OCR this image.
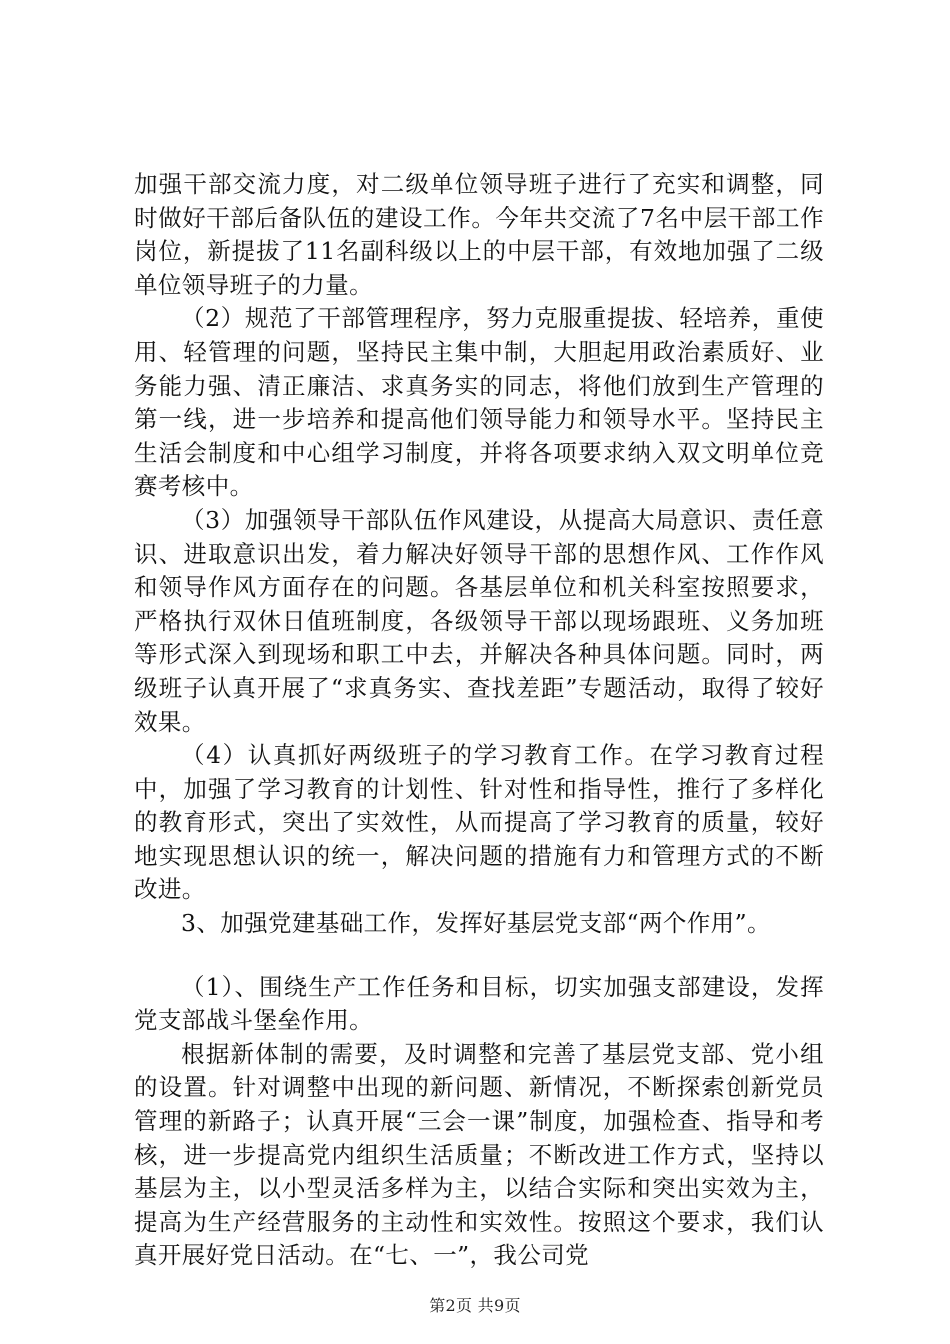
加强干部交流力度，对二级单位领导班子进行了充实和调整，同时做好干部后备队伍的建设工作。今年共交流了7名中层干部工作岗位，新提拔了11名副科级以上的中层干部，有效地加强了二级单位领导班子的力量。

（2）规范了干部管理程序，努力克服重提拔、轻培养，重使用、轻管理的问题，坚持民主集中制，大胆起用政治素质好、业务能力强、清正廉洁、求真务实的同志，将他们放到生产管理的第一线，进一步培养和提高他们领导能力和领导水平。坚持民主生活会制度和中心组学习制度，并将各项要求纳入双文明单位竞赛考核中。

（3）加强领导干部队伍作风建设，从提高大局意识、责任意识、进取意识出发，着力解决好领导干部的思想作风、工作作风和领导作风方面存在的问题。各基层单位和机关科室按照要求，严格执行双休日值班制度，各级领导干部以现场跟班、义务加班等形式深入到现场和职工中去，并解决各种具体问题。同时，两级班子认真开展了“求真务实、查找差距”专题活动，取得了较好效果。

（4）认真抓好两级班子的学习教育工作。在学习教育过程中，加强了学习教育的计划性、针对性和指导性，推行了多样化的教育形式，突出了实效性，从而提高了学习教育的质量，较好地实现思想认识的统一，解决问题的措施有力和管理方式的不断改进。

3、加强党建基础工作，发挥好基层党支部“两个作用”。

（1）、围绕生产工作任务和目标，切实加强支部建设，发挥党支部战斗堡垒作用。

根据新体制的需要，及时调整和完善了基层党支部、党小组的设置。针对调整中出现的新问题、新情况，不断探索创新党员管理的新路子；认真开展“三会一课”制度，加强检查、指导和考核，进一步提高党内组织生活质量；不断改进工作方式，坚持以基层为主，以小型灵活多样为主，以结合实际和突出实效为主，提高为生产经营服务的主动性和实效性。按照这个要求，我们认真开展好党日活动。在“七、一”，我公司党

第2页 共9页
